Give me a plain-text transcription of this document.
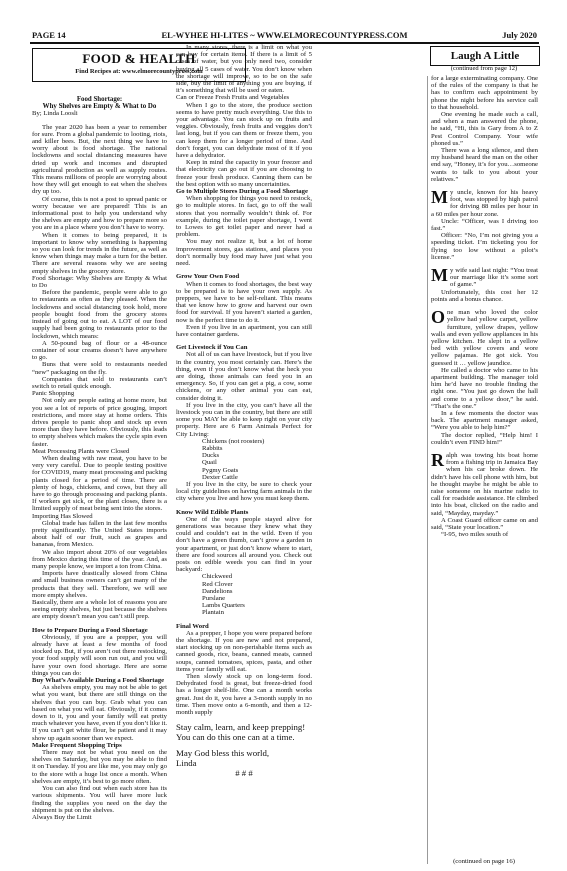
PAGE 14	EL-WYHEE HI-LITES ~ WWW.ELMORECOUNTYPRESS.COM	July 2020
FOOD & HEALTH
Find Recipes at: www.elmorecountypress.com
Food Shortage:
Why Shelves are Empty & What to Do
By; Linda Loosli

The year 2020 has been a year to remember for sure. From a global pandemic to looting, riots, and killer bees. But, the next thing we have to worry about is food shortage. The national lockdowns and social distancing measures have dried up work and incomes and disrupted agricultural production as well as supply routes. This means millions of people are worrying about how they will get enough to eat when the shelves dry up too.

Of course, this is not a post to spread panic or worry because we are prepared! This is an informational post to help you understand why the shelves are empty and how to prepare more so you are in a place where you don’t have to worry.

When it comes to being prepared, it is important to know why something is happening so you can look for trends in the future, as well as know when things may make a turn for the better. There are several reasons why we are seeing empty shelves in the grocery store.

Food Shortage: Why Shelves are Empty & What to Do

Before the pandemic, people were able to go to restaurants as often as they pleased. When the lockdowns and social distancing took hold, more people bought food from the grocery stores instead of going out to eat. A LOT of our food supply had been going to restaurants prior to the lockdown, which means:

A 50-pound bag of flour or a 48-ounce container of sour creams doesn’t have anywhere to go.

Buns that were sold to restaurants needed “new” packaging on the fly.

Companies that sold to restaurants can’t switch to retail quick enough.

Panic Shopping

Not only are people eating at home more, but you see a lot of reports of price gouging, import restrictions, and more stay at home orders. This drives people to panic shop and stock up even more than they have before. Obviously, this leads to empty shelves which makes the cycle spin even faster.

Meat Processing Plants were Closed

When dealing with raw meat, you have to be very very careful. Due to people testing positive for COVID19, many meat processing and packing plants closed for a period of time. There are plenty of hogs, chickens, and cows, but they all have to go through processing and packing plants. If workers get sick, or the plant closes, there is a limited supply of meat being sent into the stores.

Importing Has Slowed

Global trade has fallen in the last few months pretty significantly. The United States imports about half of our fruit, such as grapes and bananas, from Mexico.

We also import about 20% of our vegetables from Mexico during this time of the year. And, as many people know, we import a ton from China.

Imports have drastically slowed from China and small business owners can’t get many of the products that they sell. Therefore, we will see more empty shelves.

Basically, there are a whole lot of reasons you are seeing empty shelves, but just because the shelves are empty doesn’t mean you can’t still prep.

How to Prepare During a Food Shortage

Obviously, if you are a prepper, you will already have at least a few months of food stocked up. But, if you aren’t out there restocking, your food supply will soon run out, and you will have your own food shortage. Here are some things you can do:

Buy What’s Available During a Food Shortage

As shelves empty, you may not be able to get what you want, but there are still things on the shelves that you can buy. Grab what you can based on what you will eat. Obviously, if it comes down to it, you and your family will eat pretty much whatever you have, even if you don’t like it. If you can’t get white flour, be patient and it may show up again sooner than we expect.

Make Frequent Shopping Trips

There may not be what you need on the shelves on Saturday, but you may be able to find it on Tuesday. If you are like me, you may only go to the store with a huge list once a month. When shelves are empty, it’s best to go more often.

You can also find out when each store has its various shipments. You will have more luck finding the supplies you need on the day the shipment is put on the shelves.

Always Buy the Limit

In many stores, there is a limit on what you can buy for certain items. If there is a limit of 5 cases of water, but you only need two, consider buying all 5 cases of water. You don’t know when the shortage will improve, so to be on the safe side, buy the limit of anything you are buying, if it’s something that will be used or eaten.

Can or Freeze Fresh Fruits and Vegetables

When I go to the store, the produce section seems to have pretty much everything. Use this to your advantage. You can stock up on fruits and veggies. Obviously, fresh fruits and veggies don’t last long, but if you can them or freeze them, you can keep them for a longer period of time. And don’t forget, you can dehydrate most of it if you have a dehydrator.

Keep in mind the capacity in your freezer and that electricity can go out if you are choosing to freeze your fresh produce. Canning them can be the best option with so many uncertainties.

Go to Multiple Stores During a Food Shortage

When shopping for things you need to restock, go to multiple stores. In fact, go to off the wall stores that you normally wouldn’t think of. For example, during the toilet paper shortage, I went to Lowes to get toilet paper and never had a problem.

You may not realize it, but a lot of home improvement stores, gas stations, and places you don’t normally buy food may have just what you need.

Grow Your Own Food

When it comes to food shortages, the best way to be prepared is to have your own supply. As preppers, we have to be self-reliant. This means that we know how to grow and harvest our own food for survival. If you haven’t started a garden, now is the perfect time to do it.

Even if you live in an apartment, you can still have container gardens.

Get Livestock if You Can

Not all of us can have livestock, but if you live in the country, you most certainly can. Here’s the thing, even if you don’t know what the heck you are doing, those animals can feed you in an emergency. So, if you can get a pig, a cow, some chickens, or any other animal you can eat, consider doing it.

If you live in the city, you can’t have all the livestock you can in the country, but there are still some you MAY be able to keep right on your city property. Here are 6 Farm Animals Perfect for City Living:

Chickens (not roosters)
Rabbits
Ducks
Quail
Pygmy Goats
Dexter Cattle

If you live in the city, be sure to check your local city guidelines on having farm animals in the city where you live and how you must keep them.

Know Wild Edible Plants

One of the ways people stayed alive for generations was because they knew what they could and couldn’t eat in the wild. Even if you don’t have a green thumb, can’t grow a garden in your apartment, or just don’t know where to start, there are food sources all around you. Check out posts on edible weeds you can find in your backyard:

Chickweed
Red Clover
Dandelions
Purslane
Lambs Quarters
Plantain

Final Word

As a prepper, I hope you were prepared before the shortage. If you are new and not prepared, start stocking up on non-perishable items such as canned goods, rice, beans, canned meats, canned soups, canned tomatoes, spices, pasta, and other items your family will eat.

Then slowly stock up on long-term food. Dehydrated food is great, but freeze-dried food has a longer shelf-life. One can a month works great. Just do it, you have a 3-month supply in no time. Then move onto a 6-month, and then a 12-month supply

Stay calm, learn, and keep prepping! You can do this one can at a time.

May God bless this world,

Linda

# # #

Laugh A Little
(continued from page 12)

for a large exterminating company. One of the rules of the company is that he has to confirm each appointment by phone the night before his service call to that household.

One evening he made such a call, and when a man answered the phone, he said, “Hi, this is Gary from A to Z Pest Control Company. Your wife phoned us.”

There was a long silence, and then my husband heard the man on the other end say, “Honey, it’s for you…someone wants to talk to you about your relatives.”

My uncle, known for his heavy foot, was stopped by high patrol for driving 88 miles per hour in a 60 miles per hour zone.

Uncle: “Officer, was I driving too fast.”

Officer: “No, I’m not giving you a speeding ticket. I’m ticketing you for flying too low without a pilot’s license.”

My wife said last night: “You treat our marriage like it’s some sort of game.”

Unfortunately, this cost her 12 points and a bonus chance.

One man who loved the color yellow had yellow carpet, yellow furniture, yellow drapes, yellow walls and even yellow appliances in his yellow kitchen. He slept in a yellow bed with yellow covers and wore yellow pajamas. He got sick. You guessed it … yellow jaundice.

He called a doctor who came to his apartment building. The manager told him he’d have no trouble finding the right one. “You just go down the hall and come to a yellow door,” he said. “That’s the one.”

In a few moments the doctor was back. The apartment manager asked, “Were you able to help him?”

The doctor replied, “Help him! I couldn’t even FIND him!”

Ralph was towing his boat home from a fishing trip in Jamaica Bay when his car broke down. He didn’t have his cell phone with him, but he thought maybe he might be able to raise someone on his marine radio to call for roadside assistance. He climbed into his boat, clicked on the radio and said, “Mayday, mayday.”

A Coast Guard officer came on and said, “State your location.”

“I-95, two miles south of

(continued on page 16)
